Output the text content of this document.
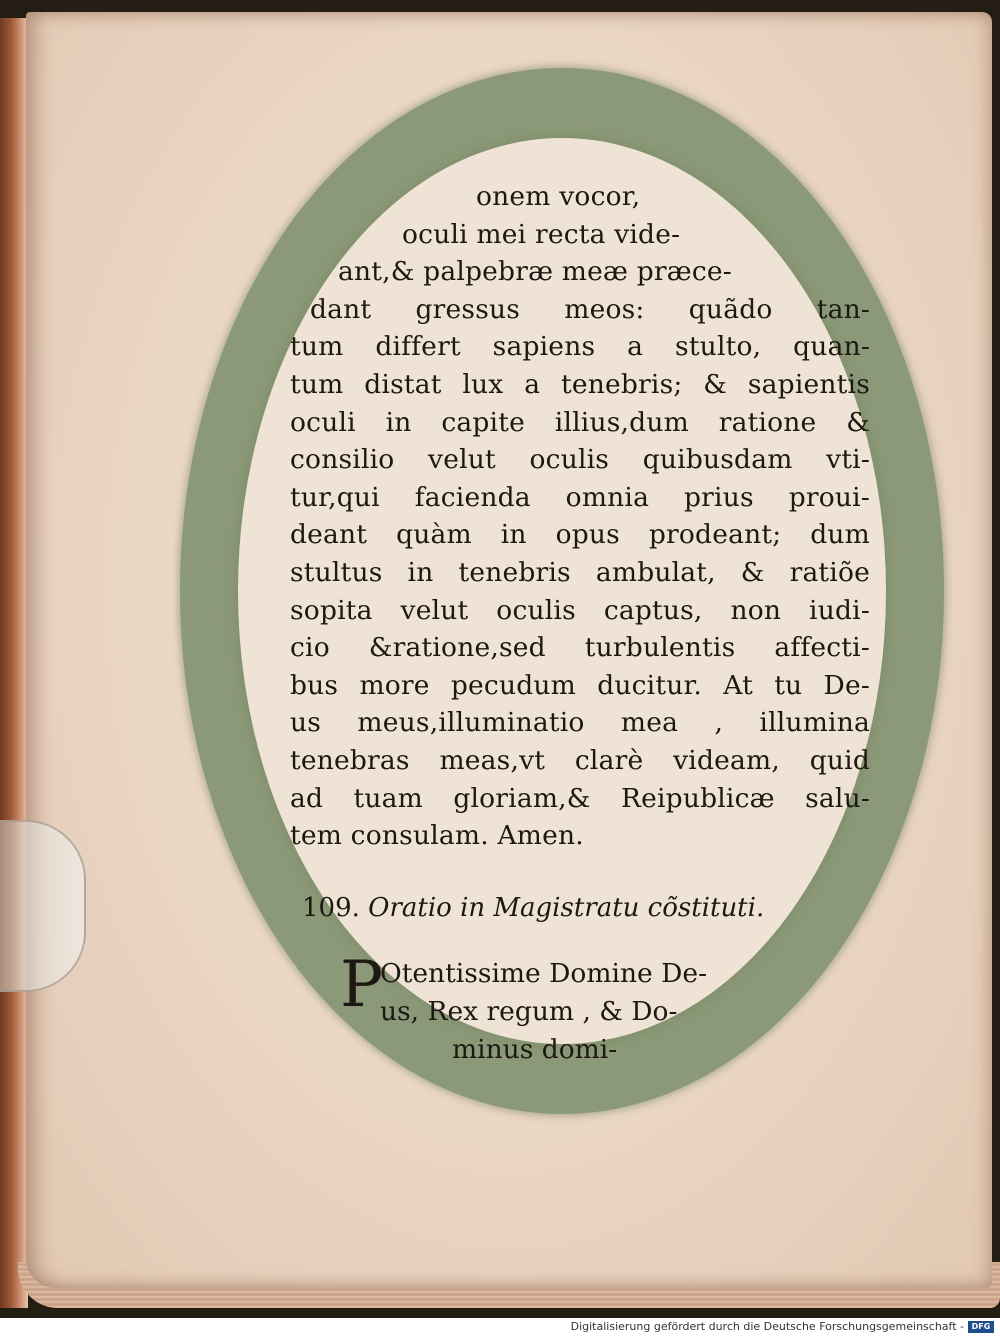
onem vocor,
oculi mei recta vide-
ant,& palpebræ meæ præce-
dant gressus meos: quãdo tan-
tum differt sapiens a stulto, quan-
tum distat lux a tenebris; & sapientis
oculi in capite illius,dum ratione &
consilio velut oculis quibusdam vti-
tur,qui facienda omnia prius proui-
deant quàm in opus prodeant; dum
stultus in tenebris ambulat, & ratiõe
sopita velut oculis captus, non iudi-
cio &ratione,sed turbulentis affecti-
bus more pecudum ducitur. At tu De-
us meus,illuminatio mea , illumina
tenebras meas,vt clarè videam, quid
ad tuam gloriam,& Reipublicæ salu-
tem consulam. Amen.
109. Oratio in Magistratu cõstituti.
P
Otentissime Domine De-
us, Rex regum , & Do-
minus domi-
Digitalisierung gefördert durch die Deutsche Forschungsgemeinschaft - DFG
